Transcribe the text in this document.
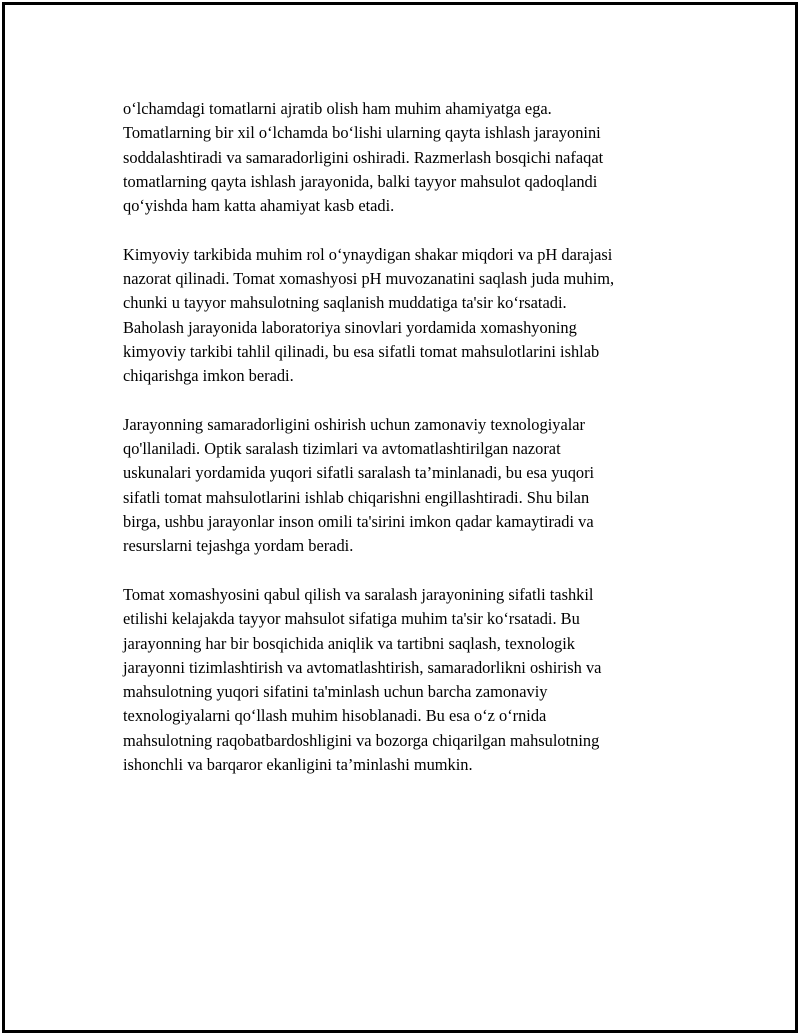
o‘lchamdagi tomatlarni ajratib olish ham muhim ahamiyatga ega.
Tomatlarning bir xil o‘lchamda bo‘lishi ularning qayta ishlash jarayonini
soddalashtiradi va samaradorligini oshiradi. Razmerlash bosqichi nafaqat
tomatlarning qayta ishlash jarayonida, balki tayyor mahsulot qadoqlandi
qo‘yishda ham katta ahamiyat kasb etadi.

Kimyoviy tarkibida muhim rol o‘ynaydigan shakar miqdori va pH darajasi
nazorat qilinadi. Tomat xomashyosi pH muvozanatini saqlash juda muhim,
chunki u tayyor mahsulotning saqlanish muddatiga ta'sir ko‘rsatadi.
Baholash jarayonida laboratoriya sinovlari yordamida xomashyoning
kimyoviy tarkibi tahlil qilinadi, bu esa sifatli tomat mahsulotlarini ishlab
chiqarishga imkon beradi.

Jarayonning samaradorligini oshirish uchun zamonaviy texnologiyalar
qo'llaniladi. Optik saralash tizimlari va avtomatlashtirilgan nazorat
uskunalari yordamida yuqori sifatli saralash ta’minlanadi, bu esa yuqori
sifatli tomat mahsulotlarini ishlab chiqarishni engillashtiradi. Shu bilan
birga, ushbu jarayonlar inson omili ta'sirini imkon qadar kamaytiradi va
resurslarni tejashga yordam beradi.

Tomat xomashyosini qabul qilish va saralash jarayonining sifatli tashkil
etilishi kelajakda tayyor mahsulot sifatiga muhim ta'sir ko‘rsatadi. Bu
jarayonning har bir bosqichida aniqlik va tartibni saqlash, texnologik
jarayonni tizimlashtirish va avtomatlashtirish, samaradorlikni oshirish va
mahsulotning yuqori sifatini ta'minlash uchun barcha zamonaviy
texnologiyalarni qo‘llash muhim hisoblanadi. Bu esa o‘z o‘rnida
mahsulotning raqobatbardoshligini va bozorga chiqarilgan mahsulotning
ishonchli va barqaror ekanligini ta’minlashi mumkin.
